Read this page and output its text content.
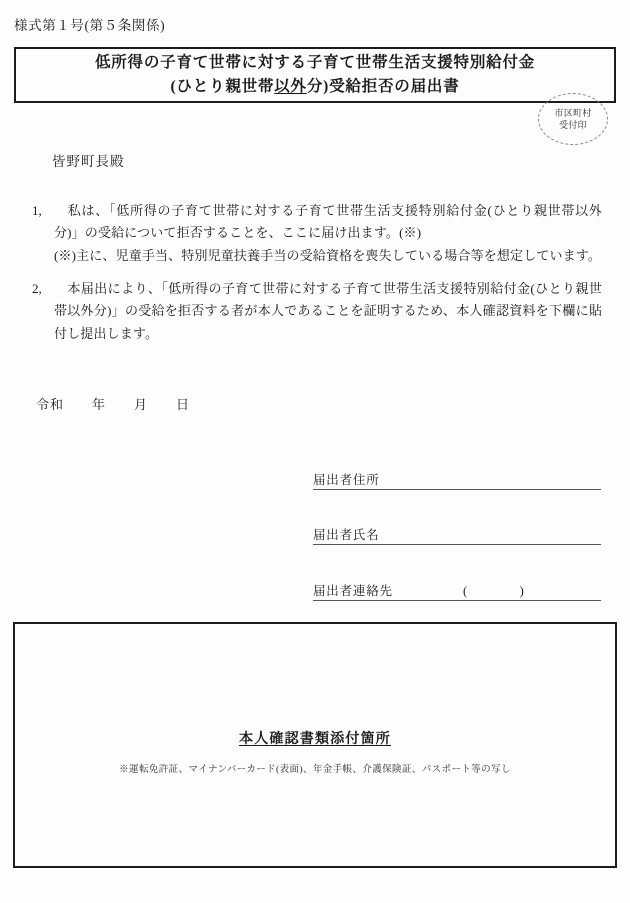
様式第１号(第５条関係)
低所得の子育て世帯に対する子育て世帯生活支援特別給付金
(ひとり親世帯以外分)受給拒否の届出書
市区町村
受付印
皆野町長殿
1, 　私は、「低所得の子育て世帯に対する子育て世帯生活支援特別給付金(ひとり親世帯以外分)」の受給について拒否することを、ここに届け出ます。(※)
(※)主に、児童手当、特別児童扶養手当の受給資格を喪失している場合等を想定しています。
2, 　本届出により、「低所得の子育て世帯に対する子育て世帯生活支援特別給付金(ひとり親世帯以外分)」の受給を拒否する者が本人であることを証明するため、本人確認資料を下欄に貼付し提出します。
令和 年 月 日
届出者住所
届出者氏名
届出者連絡先	(　　　　)
本人確認書類添付箇所
※運転免許証、マイナンバーカード(表面)、年金手帳、介護保険証、パスポート等の写し
